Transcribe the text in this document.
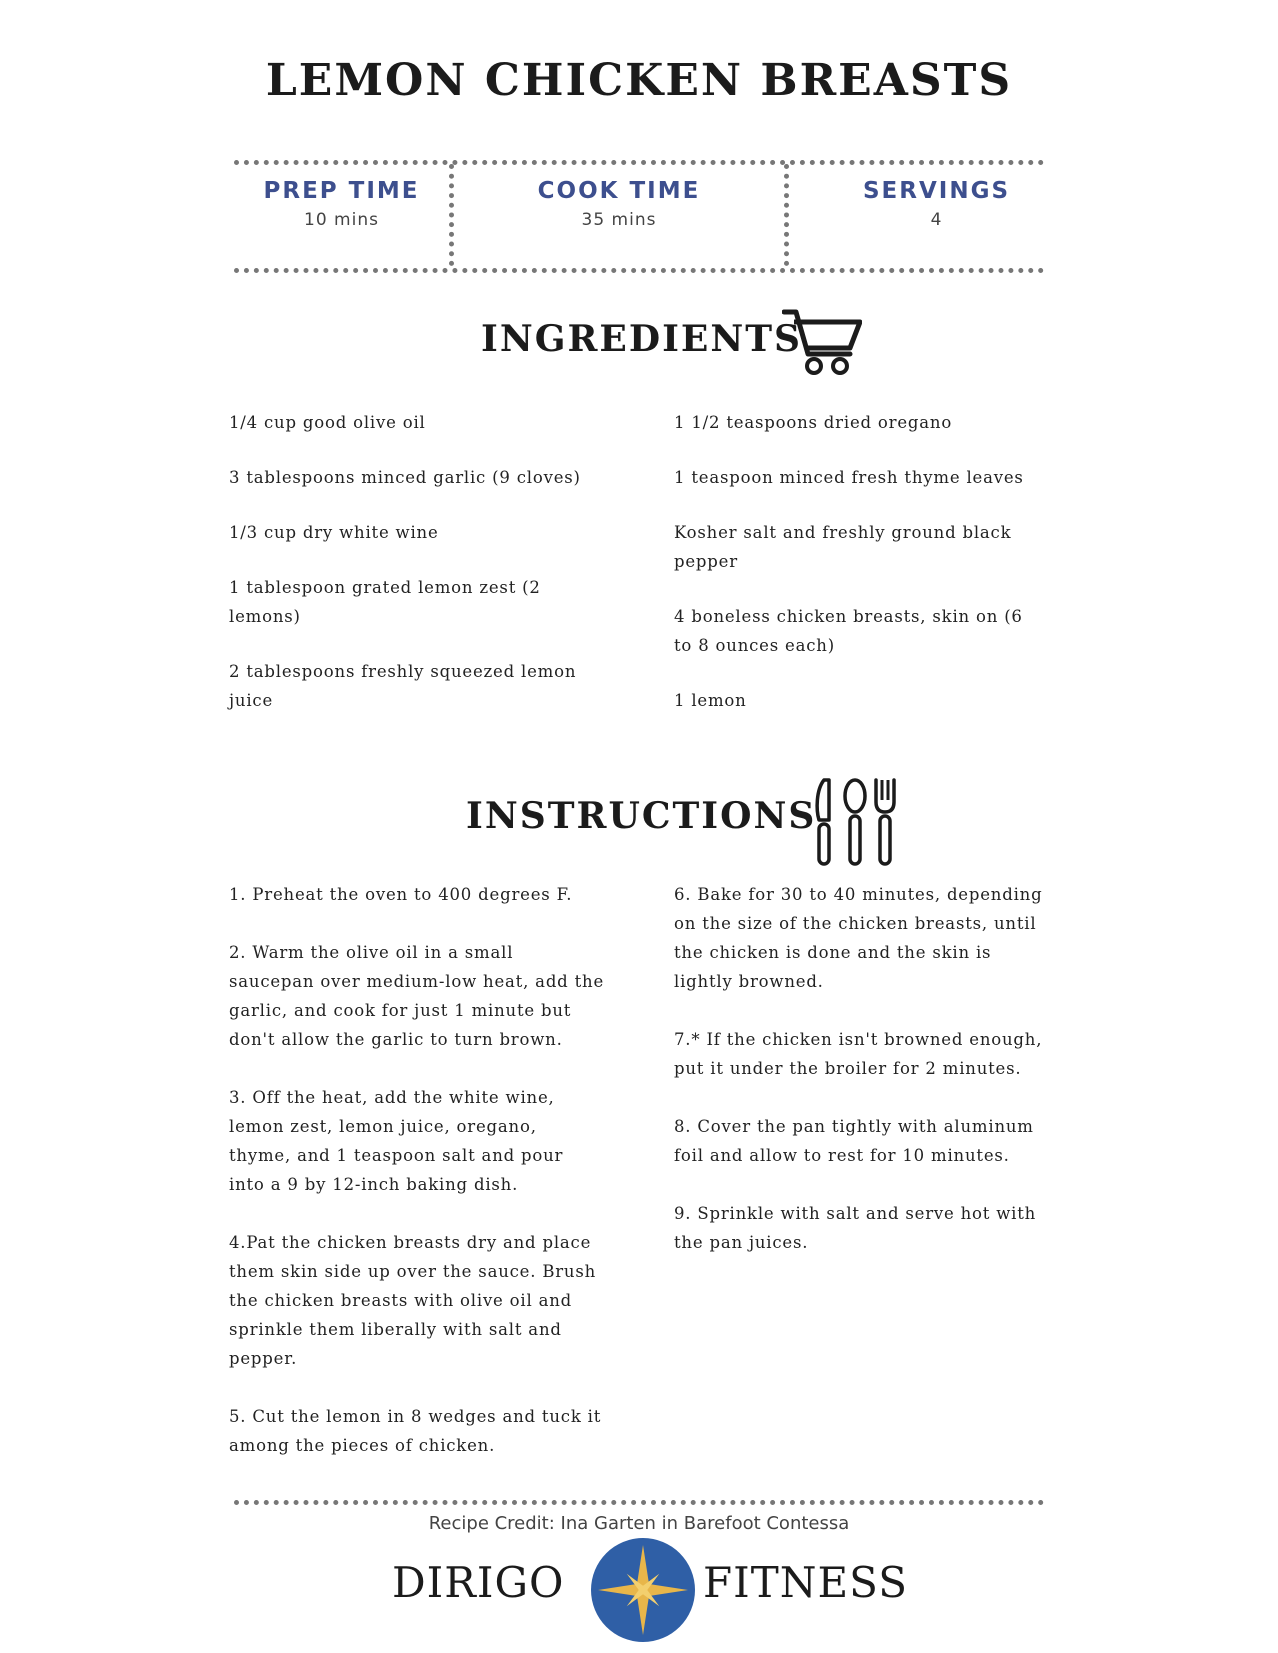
LEMON CHICKEN BREASTS
PREP TIME
10 mins
COOK TIME
35 mins
SERVINGS
4
INGREDIENTS
1/4 cup good olive oil
3 tablespoons minced garlic (9 cloves)
1/3 cup dry white wine
1 tablespoon grated lemon zest (2 lemons)
2 tablespoons freshly squeezed lemon juice
1 1/2 teaspoons dried oregano
1 teaspoon minced fresh thyme leaves
Kosher salt and freshly ground black pepper
4 boneless chicken breasts, skin on (6 to 8 ounces each)
1 lemon
INSTRUCTIONS
1. Preheat the oven to 400 degrees F.
2. Warm the olive oil in a small saucepan over medium-low heat, add the garlic, and cook for just 1 minute but don't allow the garlic to turn brown.
3. Off the heat, add the white wine, lemon zest, lemon juice, oregano, thyme, and 1 teaspoon salt and pour into a 9 by 12-inch baking dish.
4.Pat the chicken breasts dry and place them skin side up over the sauce. Brush the chicken breasts with olive oil and sprinkle them liberally with salt and pepper.
5. Cut the lemon in 8 wedges and tuck it among the pieces of chicken.
6. Bake for 30 to 40 minutes, depending on the size of the chicken breasts, until the chicken is done and the skin is lightly browned.
7.* If the chicken isn't browned enough, put it under the broiler for 2 minutes.
8. Cover the pan tightly with aluminum foil and allow to rest for 10 minutes.
9. Sprinkle with salt and serve hot with the pan juices.
Recipe Credit: Ina Garten in Barefoot Contessa
DIRIGO	FITNESS
